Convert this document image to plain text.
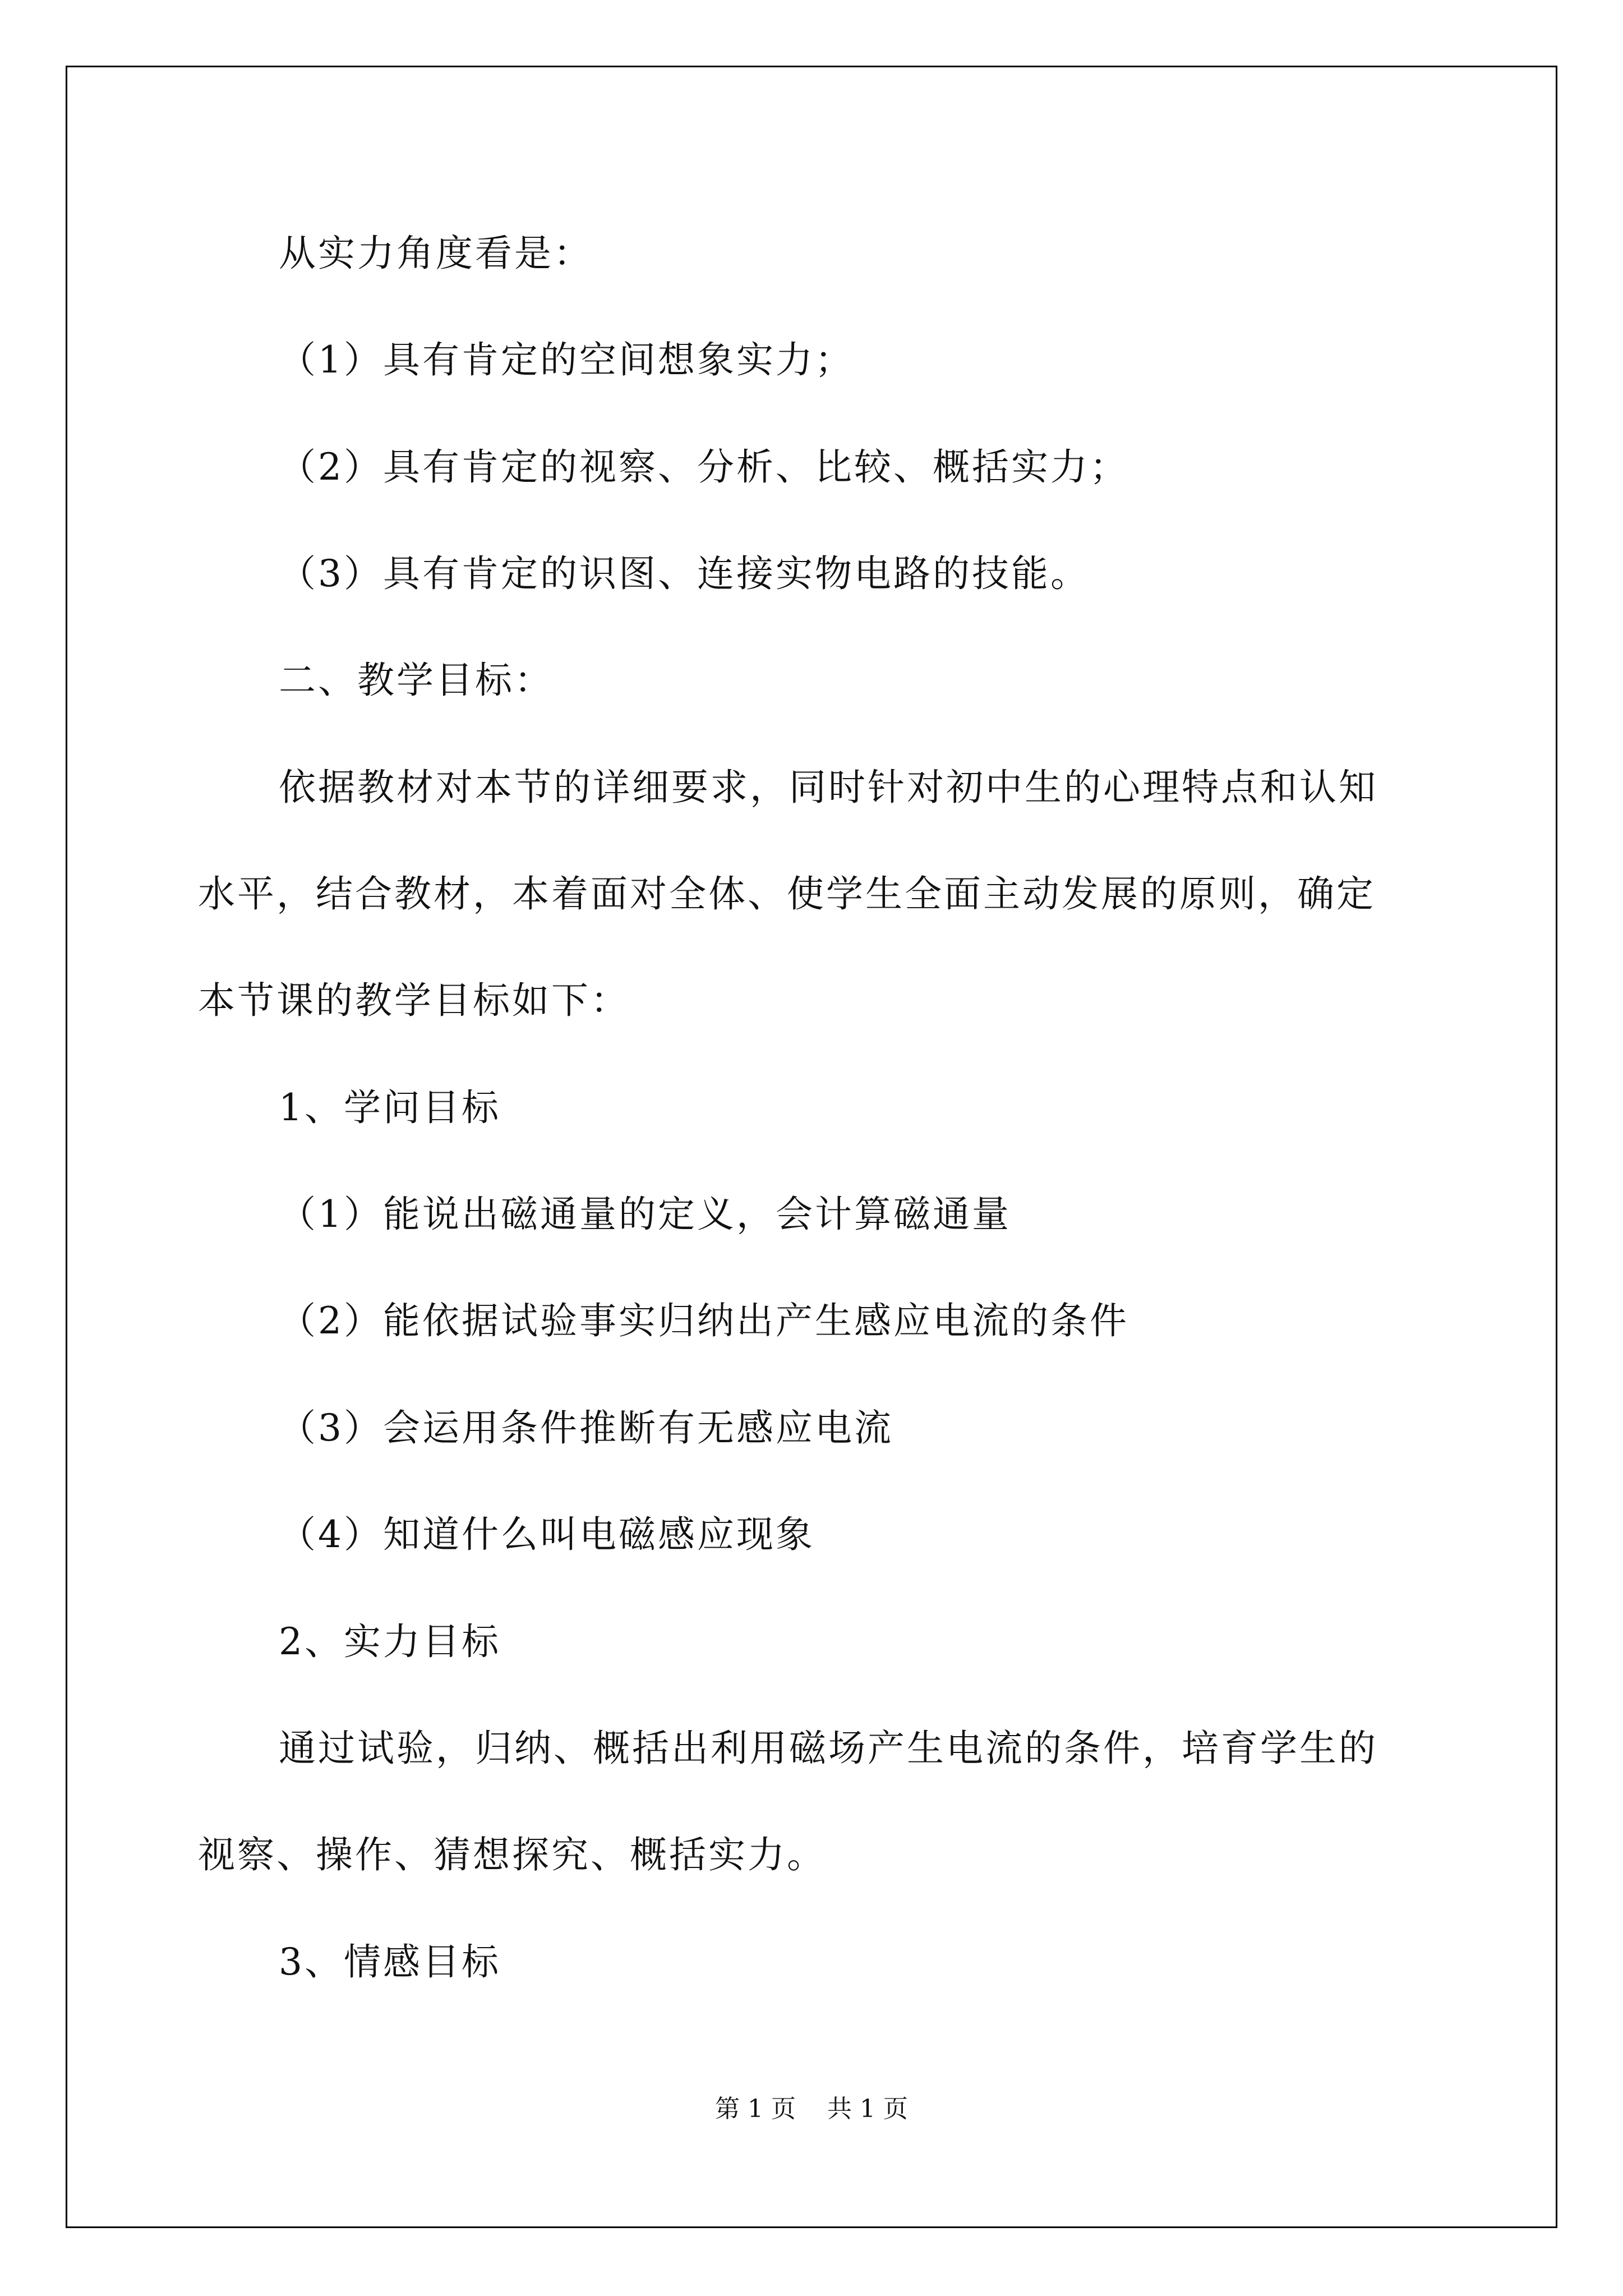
从实力角度看是：
（1）具有肯定的空间想象实力；
（2）具有肯定的视察、分析、比较、概括实力；
（3）具有肯定的识图、连接实物电路的技能。
二、教学目标：
依据教材对本节的详细要求，同时针对初中生的心理特点和认知
水平，结合教材，本着面对全体、使学生全面主动发展的原则，确定
本节课的教学目标如下：
1、学问目标
（1）能说出磁通量的定义，会计算磁通量
（2）能依据试验事实归纳出产生感应电流的条件
（3）会运用条件推断有无感应电流
（4）知道什么叫电磁感应现象
2、实力目标
通过试验，归纳、概括出利用磁场产生电流的条件，培育学生的
视察、操作、猜想探究、概括实力。
3、情感目标
第 1 页    共 1 页
